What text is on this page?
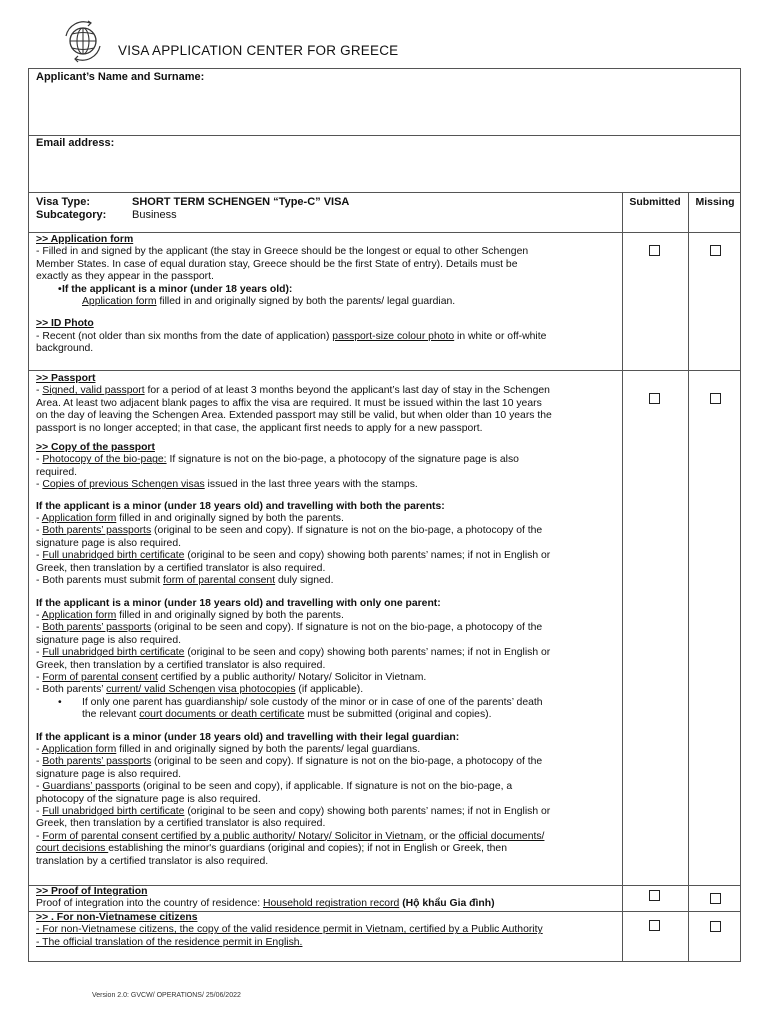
VISA APPLICATION CENTER FOR GREECE
Applicant’s Name and Surname:
Email address:
Visa Type:	SHORT TERM SCHENGEN “Type-C” VISA
Subcategory: Business
Submitted	Missing

>> Application form

- Filled in and signed by the applicant (the stay in Greece should be the longest or equal to other Schengen

Member States. In case of equal duration stay, Greece should be the first State of entry). Details must be

exactly as they appear in the passport.

• If the applicant is a minor (under 18 years old):

Application form filled in and originally signed by both the parents/ legal guardian.

>> ID Photo

- Recent (not older than six months from the date of application) passport-size colour photo in white or off-white

background.

>> Passport

- Signed, valid passport for a period of at least 3 months beyond the applicant’s last day of stay in the Schengen

Area. At least two adjacent blank pages to affix the visa are required. It must be issued within the last 10 years

on the day of leaving the Schengen Area. Extended passport may still be valid, but when older than 10 years the

passport is no longer accepted; in that case, the applicant first needs to apply for a new passport.

>> Copy of the passport

- Photocopy of the bio-page: If signature is not on the bio-page, a photocopy of the signature page is also

required.

- Copies of previous Schengen visas issued in the last three years with the stamps.

If the applicant is a minor (under 18 years old) and travelling with both the parents:

- Application form filled in and originally signed by both the parents.

- Both parents’ passports (original to be seen and copy). If signature is not on the bio-page, a photocopy of the

signature page is also required.

- Full unabridged birth certificate (original to be seen and copy) showing both parents’ names; if not in English or

Greek, then translation by a certified translator is also required.

- Both parents must submit form of parental consent duly signed.

If the applicant is a minor (under 18 years old) and travelling with only one parent:

- Application form filled in and originally signed by both the parents.

- Both parents’ passports (original to be seen and copy). If signature is not on the bio-page, a photocopy of the

signature page is also required.

- Full unabridged birth certificate (original to be seen and copy) showing both parents’ names; if not in English or

Greek, then translation by a certified translator is also required.

- Form of parental consent certified by a public authority/ Notary/ Solicitor in Vietnam.

- Both parents’ current/ valid Schengen visa photocopies (if applicable).

• If only one parent has guardianship/ sole custody of the minor or in case of one of the parents’ death

the relevant court documents or death certificate must be submitted (original and copies).

If the applicant is a minor (under 18 years old) and travelling with their legal guardian:

- Application form filled in and originally signed by both the parents/ legal guardians.

- Both parents’ passports (original to be seen and copy). If signature is not on the bio-page, a photocopy of the

signature page is also required.

- Guardians’ passports (original to be seen and copy), if applicable. If signature is not on the bio-page, a

photocopy of the signature page is also required.

- Full unabridged birth certificate (original to be seen and copy) showing both parents’ names; if not in English or

Greek, then translation by a certified translator is also required.

- Form of parental consent certified by a public authority/ Notary/ Solicitor in Vietnam, or the official documents/

court decisions establishing the minor's guardians (original and copies); if not in English or Greek, then

translation by a certified translator is also required.

>> Proof of Integration

Proof of integration into the country of residence: Household registration record (Hộ khẩu Gia đình)

>> . For non-Vietnamese citizens

- For non-Vietnamese citizens, the copy of the valid residence permit in Vietnam, certified by a Public Authority

- The official translation of the residence permit in English.

Version 2.0: GVCW/ OPERATIONS/ 25/06/2022
